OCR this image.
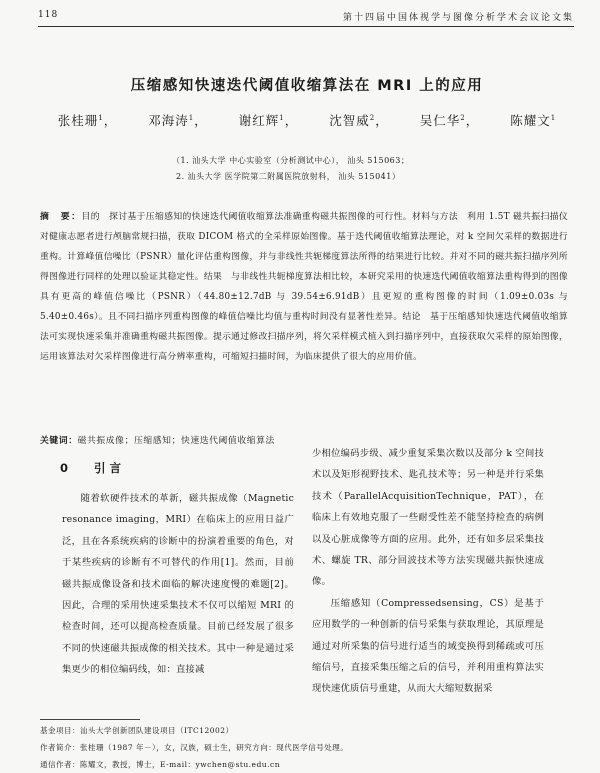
118	第十四届中国体视学与图像分析学术会议论文集
压缩感知快速迭代阈值收缩算法在 MRI 上的应用
张桂珊$^1$， 邓海涛$^1$， 谢红辉$^1$， 沈智威$^2$， 吴仁华$^2$， 陈耀文$^1$
（1. 汕头大学 中心实验室（分析测试中心）， 汕头 515063；
2. 汕头大学 医学院第二附属医院放射科， 汕头 515041）
摘　要：目的　探讨基于压缩感知的快速迭代阈值收缩算法准确重构磁共振图像的可行性。材料与方法　利用 1.5T 磁共振扫描仪对健康志愿者进行颅脑常规扫描，获取 DICOM 格式的全采样原始图像。基于迭代阈值收缩算法理论，对 k 空间欠采样的数据进行重构。计算峰值信噪比（PSNR）量化评估重构图像，并与非线性共轭梯度算法所得的结果进行比较。并对不同的磁共振扫描序列所得图像进行同样的处理以验证其稳定性。结果　与非线性共轭梯度算法相比较，本研究采用的快速迭代阈值收缩算法重构得到的图像具有更高的峰值信噪比（PSNR）（44.80±12.7dB 与 39.54±6.91dB）且更短的重构图像的时间（1.09±0.03s 与 5.40±0.46s）。且不同扫描序列重构图像的峰值信噪比均值与重构时间没有显著性差异。结论　基于压缩感知快速迭代阈值收缩算法可实现快速采集并准确重构磁共振图像。提示通过修改扫描序列，将欠采样模式植入到扫描序列中，直接获取欠采样的原始图像，运用该算法对欠采样图像进行高分辨率重构，可缩短扫描时间，为临床提供了很大的应用价值。
关键词：磁共振成像；压缩感知；快速迭代阈值收缩算法
0 引言

随着软硬件技术的革新，磁共振成像（Magnetic resonance imaging，MRI）在临床上的应用日益广泛，且在各系统疾病的诊断中的扮演着重要的角色，对于某些疾病的诊断有不可替代的作用[1]。然而，目前磁共振成像设备和技术面临的解决速度慢的难题[2]。因此，合理的采用快速采集技术不仅可以缩短 MRI 的检查时间，还可以提高检查质量。目前已经发展了很多不同的快速磁共振成像的相关技术。其中一种是通过采集更少的相位编码线，如：直接减

少相位编码步级、减少重复采集次数以及部分 k 空间技术以及矩形视野技术、匙孔技术等；另一种是并行采集技术（ParallelAcquisitionTechnique，PAT），在临床上有效地克服了一些耐受性差不能坚持检查的病例以及心脏成像等方面的应用。此外，还有如多层采集技术、螺旋 TR、部分回波技术等方法实现磁共振快速成像。

压缩感知（Compressedsensing，CS）是基于应用数学的一种创新的信号采集与获取理论，其原理是通过对所采集的信号进行适当的域变换得到稀疏或可压缩信号，直接采集压缩之后的信号，并利用重构算法实现快速优质信号重建，从而大大缩短数据采

基金项目：汕头大学创新团队建设项目（ITC12002）
作者简介：张桂珊（1987 年－），女，汉族，硕士生，研究方向：现代医学信号处理。
通信作者：陈耀文，教授，博士，E-mail：ywchen@stu.edu.cn
